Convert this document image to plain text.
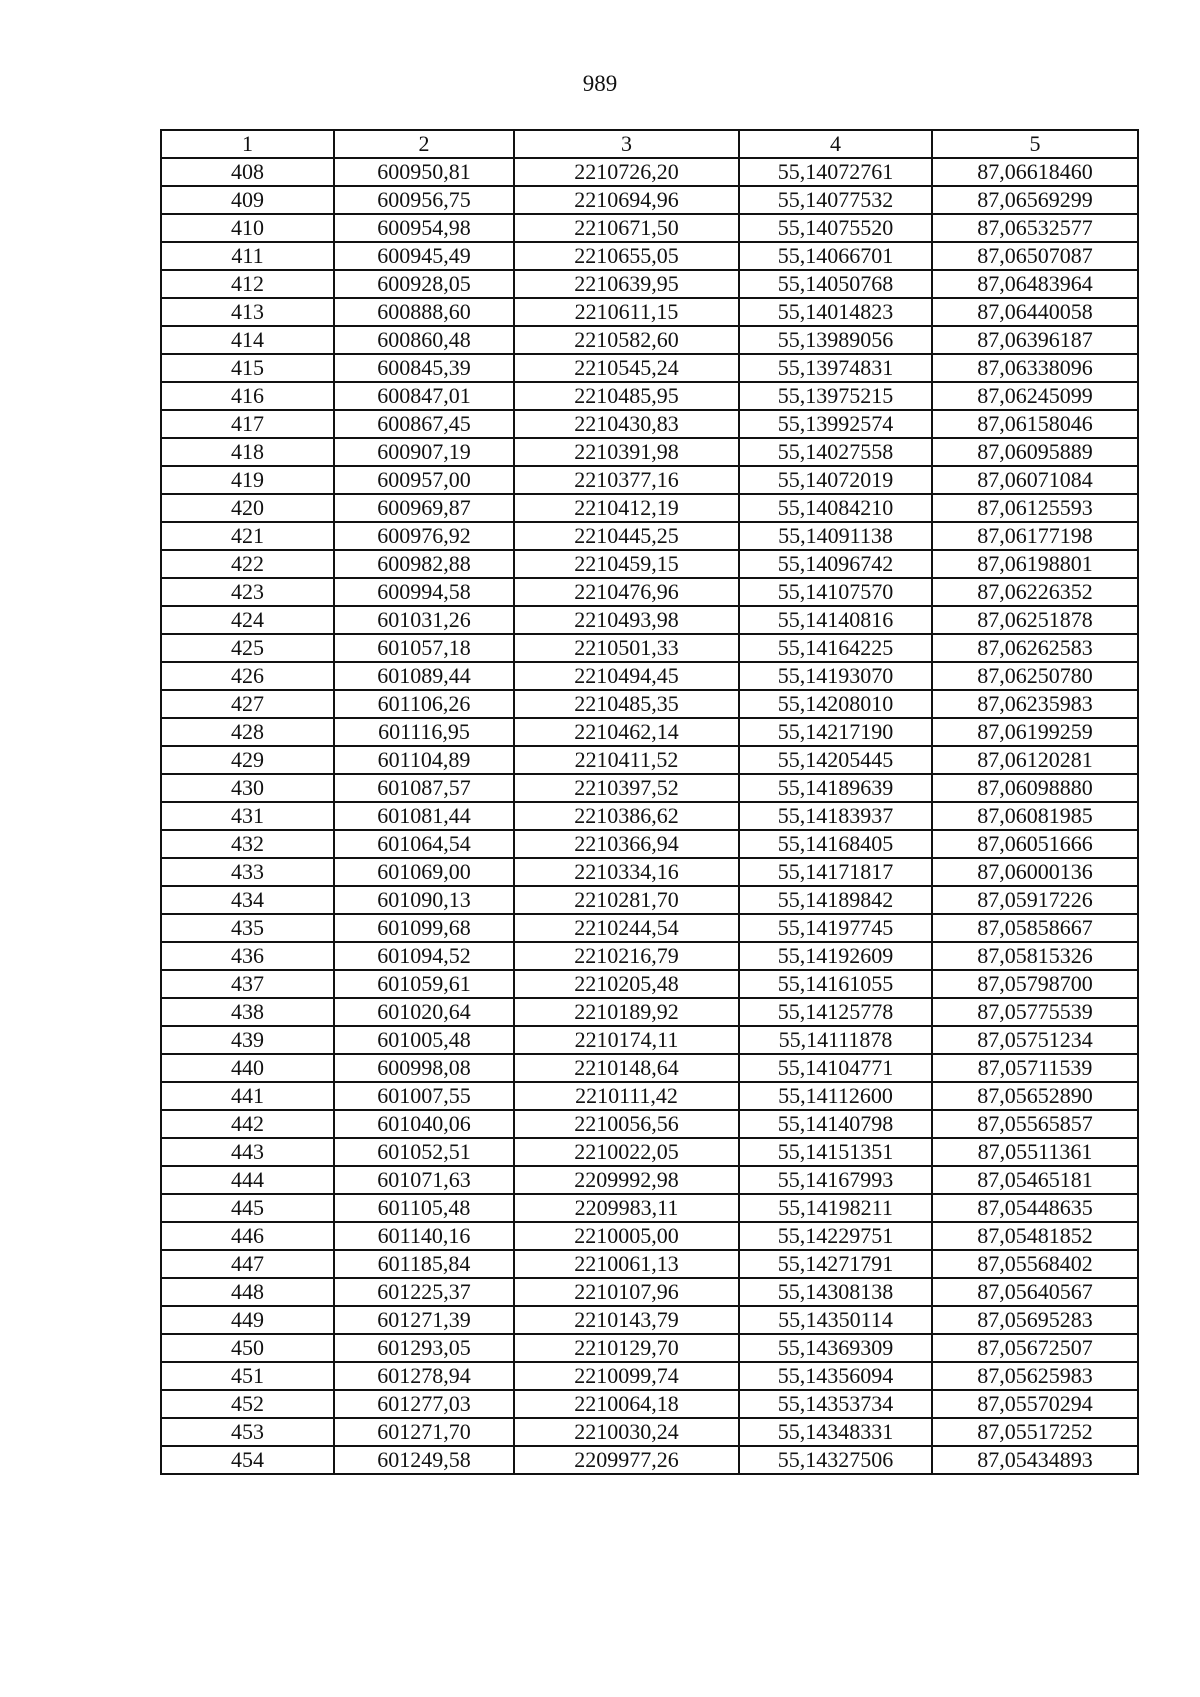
989
1	2	3	4	5
408	600950,81	2210726,20	55,14072761	87,06618460
409	600956,75	2210694,96	55,14077532	87,06569299
410	600954,98	2210671,50	55,14075520	87,06532577
411	600945,49	2210655,05	55,14066701	87,06507087
412	600928,05	2210639,95	55,14050768	87,06483964
413	600888,60	2210611,15	55,14014823	87,06440058
414	600860,48	2210582,60	55,13989056	87,06396187
415	600845,39	2210545,24	55,13974831	87,06338096
416	600847,01	2210485,95	55,13975215	87,06245099
417	600867,45	2210430,83	55,13992574	87,06158046
418	600907,19	2210391,98	55,14027558	87,06095889
419	600957,00	2210377,16	55,14072019	87,06071084
420	600969,87	2210412,19	55,14084210	87,06125593
421	600976,92	2210445,25	55,14091138	87,06177198
422	600982,88	2210459,15	55,14096742	87,06198801
423	600994,58	2210476,96	55,14107570	87,06226352
424	601031,26	2210493,98	55,14140816	87,06251878
425	601057,18	2210501,33	55,14164225	87,06262583
426	601089,44	2210494,45	55,14193070	87,06250780
427	601106,26	2210485,35	55,14208010	87,06235983
428	601116,95	2210462,14	55,14217190	87,06199259
429	601104,89	2210411,52	55,14205445	87,06120281
430	601087,57	2210397,52	55,14189639	87,06098880
431	601081,44	2210386,62	55,14183937	87,06081985
432	601064,54	2210366,94	55,14168405	87,06051666
433	601069,00	2210334,16	55,14171817	87,06000136
434	601090,13	2210281,70	55,14189842	87,05917226
435	601099,68	2210244,54	55,14197745	87,05858667
436	601094,52	2210216,79	55,14192609	87,05815326
437	601059,61	2210205,48	55,14161055	87,05798700
438	601020,64	2210189,92	55,14125778	87,05775539
439	601005,48	2210174,11	55,14111878	87,05751234
440	600998,08	2210148,64	55,14104771	87,05711539
441	601007,55	2210111,42	55,14112600	87,05652890
442	601040,06	2210056,56	55,14140798	87,05565857
443	601052,51	2210022,05	55,14151351	87,05511361
444	601071,63	2209992,98	55,14167993	87,05465181
445	601105,48	2209983,11	55,14198211	87,05448635
446	601140,16	2210005,00	55,14229751	87,05481852
447	601185,84	2210061,13	55,14271791	87,05568402
448	601225,37	2210107,96	55,14308138	87,05640567
449	601271,39	2210143,79	55,14350114	87,05695283
450	601293,05	2210129,70	55,14369309	87,05672507
451	601278,94	2210099,74	55,14356094	87,05625983
452	601277,03	2210064,18	55,14353734	87,05570294
453	601271,70	2210030,24	55,14348331	87,05517252
454	601249,58	2209977,26	55,14327506	87,05434893
